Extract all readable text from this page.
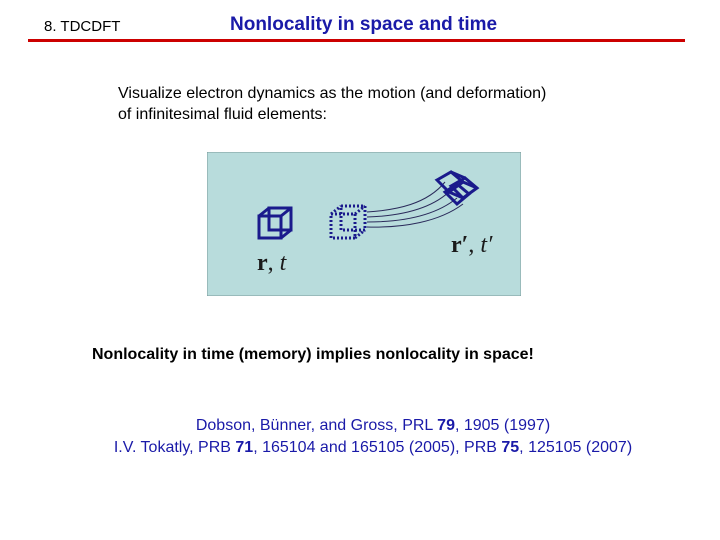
8. TDCDFT	Nonlocality in space and time
Visualize electron dynamics as the motion (and deformation)
of infinitesimal fluid elements:
r, t
r′, t′
Nonlocality in time (memory) implies nonlocality in space!
Dobson, Bünner, and Gross, PRL 79, 1905 (1997)
I.V. Tokatly, PRB 71, 165104 and 165105 (2005), PRB 75, 125105 (2007)
